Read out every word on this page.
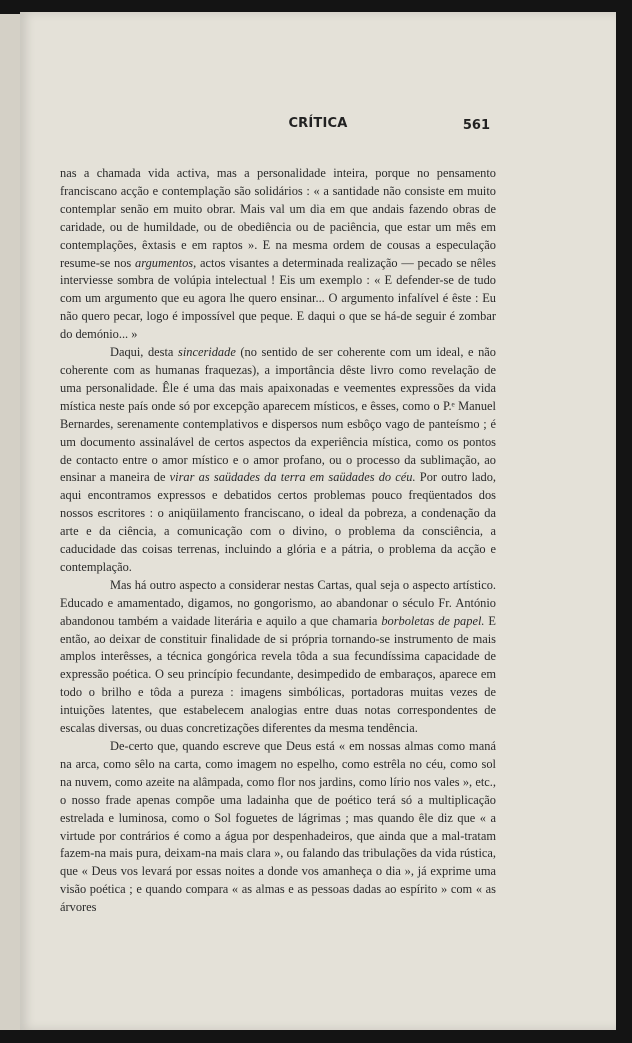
CRÍTICA	561

nas a chamada vida activa, mas a personalidade inteira, porque no pensamento franciscano acção e contemplação são solidários : « a santidade não consiste em muito contemplar senão em muito obrar. Mais val um dia em que andais fazendo obras de caridade, ou de humildade, ou de obediência ou de paciência, que estar um mês em contemplações, êxtasis e em raptos ». E na mesma ordem de cousas a especulação resume-se nos argumentos, actos visantes a determinada realização — pecado se nêles interviesse sombra de volúpia intelectual ! Eis um exemplo : « E defender-se de tudo com um argumento que eu agora lhe quero ensinar... O argumento infalível é êste : Eu não quero pecar, logo é impossível que peque. E daqui o que se há-de seguir é zombar do demónio... »

Daqui, desta sinceridade (no sentido de ser coherente com um ideal, e não coherente com as humanas fraquezas), a importância dêste livro como revelação de uma personalidade. Êle é uma das mais apaixonadas e veementes expressões da vida mística neste país onde só por excepção aparecem místicos, e êsses, como o P.ᵉ Manuel Bernardes, serenamente contemplativos e dispersos num esbôço vago de panteísmo ; é um documento assinalável de certos aspectos da experiência mística, como os pontos de contacto entre o amor místico e o amor profano, ou o processo da sublimação, ao ensinar a maneira de virar as saüdades da terra em saüdades do céu. Por outro lado, aqui encontramos expressos e debatidos certos problemas pouco freqüentados dos nossos escritores : o aniqüilamento franciscano, o ideal da pobreza, a condenação da arte e da ciência, a comunicação com o divino, o problema da consciência, a caducidade das coisas terrenas, incluindo a glória e a pátria, o problema da acção e contemplação.

Mas há outro aspecto a considerar nestas Cartas, qual seja o aspecto artístico. Educado e amamentado, digamos, no gongorismo, ao abandonar o século Fr. António abandonou também a vaidade literária e aquilo a que chamaria borboletas de papel. E então, ao deixar de constituir finalidade de si própria tornando-se instrumento de mais amplos interêsses, a técnica gongórica revela tôda a sua fecundíssima capacidade de expressão poética. O seu princípio fecundante, desimpedido de embaraços, aparece em todo o brilho e tôda a pureza : imagens simbólicas, portadoras muitas vezes de intuições latentes, que estabelecem analogias entre duas notas correspondentes de escalas diversas, ou duas concretizações diferentes da mesma tendência.

De-certo que, quando escreve que Deus está « em nossas almas como maná na arca, como sêlo na carta, como imagem no espelho, como estrêla no céu, como sol na nuvem, como azeite na alâmpada, como flor nos jardins, como lírio nos vales », etc., o nosso frade apenas compõe uma ladainha que de poético terá só a multiplicação estrelada e luminosa, como o Sol foguetes de lágrimas ; mas quando êle diz que « a virtude por contrários é como a água por despenhadeiros, que ainda que a mal-tratam fazem-na mais pura, deixam-na mais clara », ou falando das tribulações da vida rústica, que « Deus vos levará por essas noites a donde vos amanheça o dia », já exprime uma visão poética ; e quando compara « as almas e as pessoas dadas ao espírito » com « as árvores
